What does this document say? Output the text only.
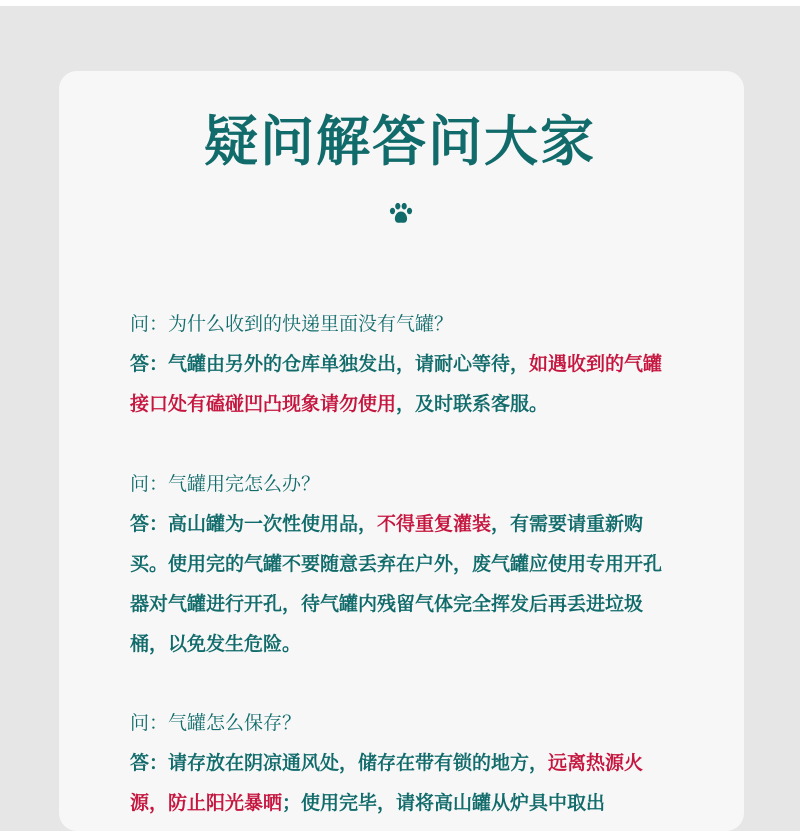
疑问解答问大家

问：为什么收到的快递里面没有气罐？

答：气罐由另外的仓库单独发出，请耐心等待，如遇收到的气罐接口处有磕碰凹凸现象请勿使用，及时联系客服。

问：气罐用完怎么办？

答：高山罐为一次性使用品，不得重复灌装，有需要请重新购买。使用完的气罐不要随意丢弃在户外，废气罐应使用专用开孔器对气罐进行开孔，待气罐内残留气体完全挥发后再丢进垃圾桶，以免发生危险。

问：气罐怎么保存？

答：请存放在阴凉通风处，储存在带有锁的地方，远离热源火源，防止阳光暴晒；使用完毕，请将高山罐从炉具中取出
